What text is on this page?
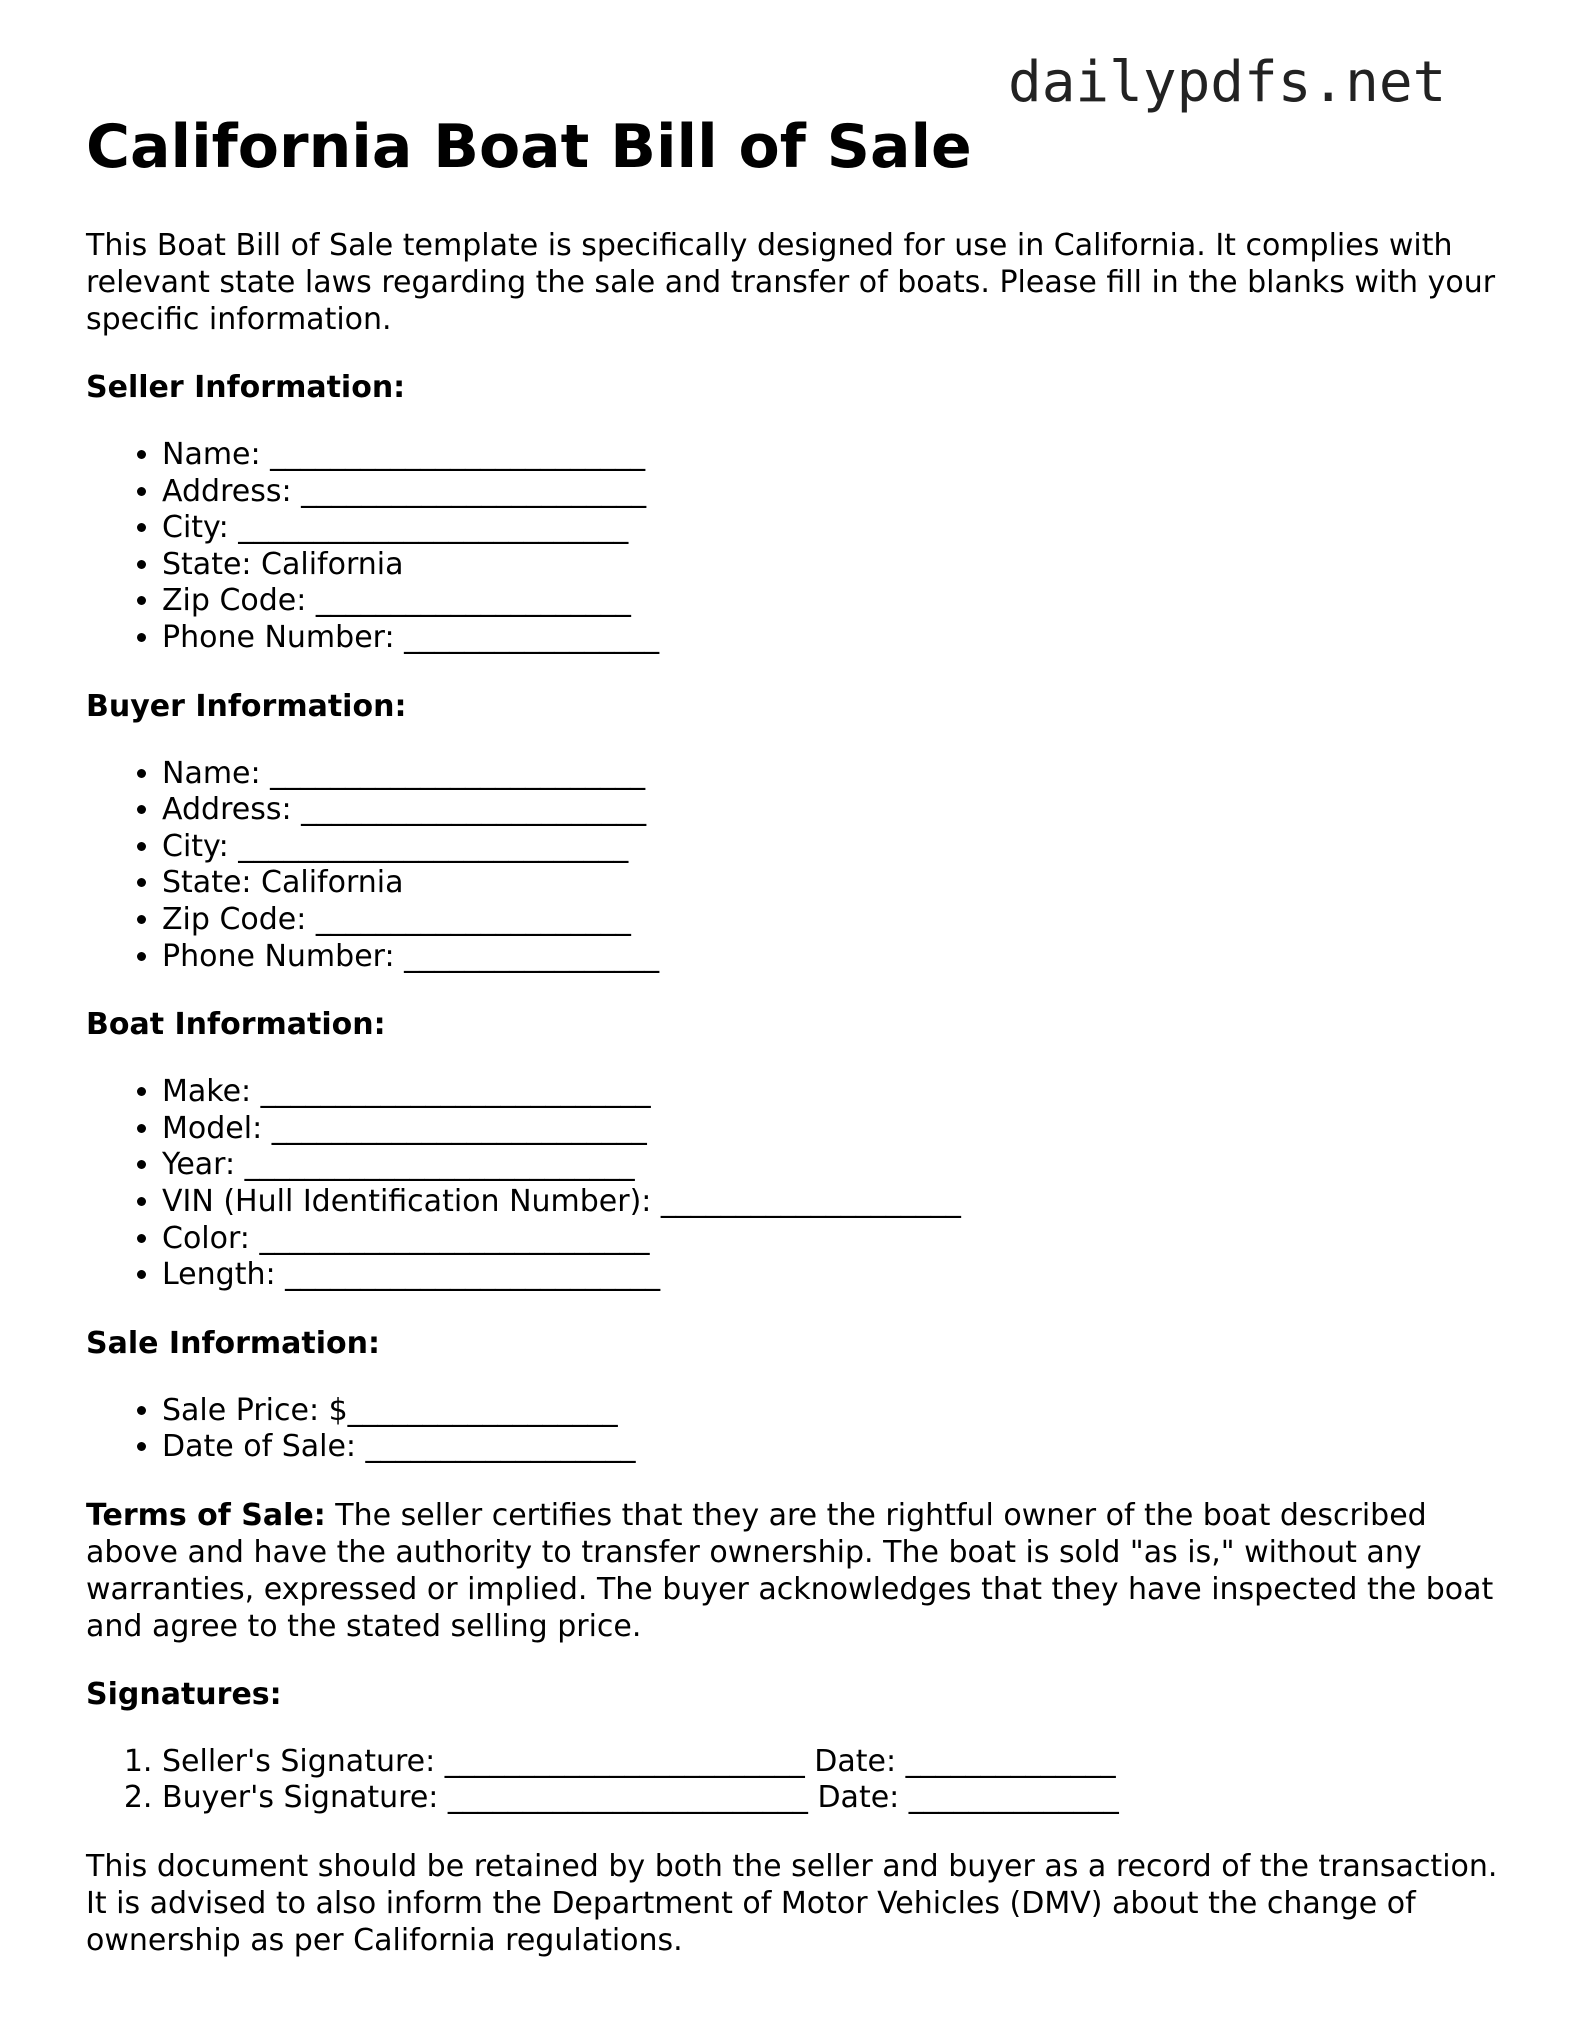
dailypdfs.net
California Boat Bill of Sale

This Boat Bill of Sale template is specifically designed for use in California. It complies with relevant state laws regarding the sale and transfer of boats. Please fill in the blanks with your specific information.

Seller Information:
• Name: _________________________
• Address: _______________________
• City: __________________________
• State: California
• Zip Code: _____________________
• Phone Number: _________________
Buyer Information:
• Name: _________________________
• Address: _______________________
• City: __________________________
• State: California
• Zip Code: _____________________
• Phone Number: _________________
Boat Information:
• Make: __________________________
• Model: _________________________
• Year: __________________________
• VIN (Hull Identification Number): ____________________
• Color: __________________________
• Length: _________________________
Sale Information:
• Sale Price: $__________________
• Date of Sale: __________________

Terms of Sale: The seller certifies that they are the rightful owner of the boat described above and have the authority to transfer ownership. The boat is sold "as is," without any warranties, expressed or implied. The buyer acknowledges that they have inspected the boat and agree to the stated selling price.

Signatures:
1. Seller's Signature: ________________________ Date: ______________
2. Buyer's Signature: ________________________ Date: ______________

This document should be retained by both the seller and buyer as a record of the transaction. It is advised to also inform the Department of Motor Vehicles (DMV) about the change of ownership as per California regulations.
